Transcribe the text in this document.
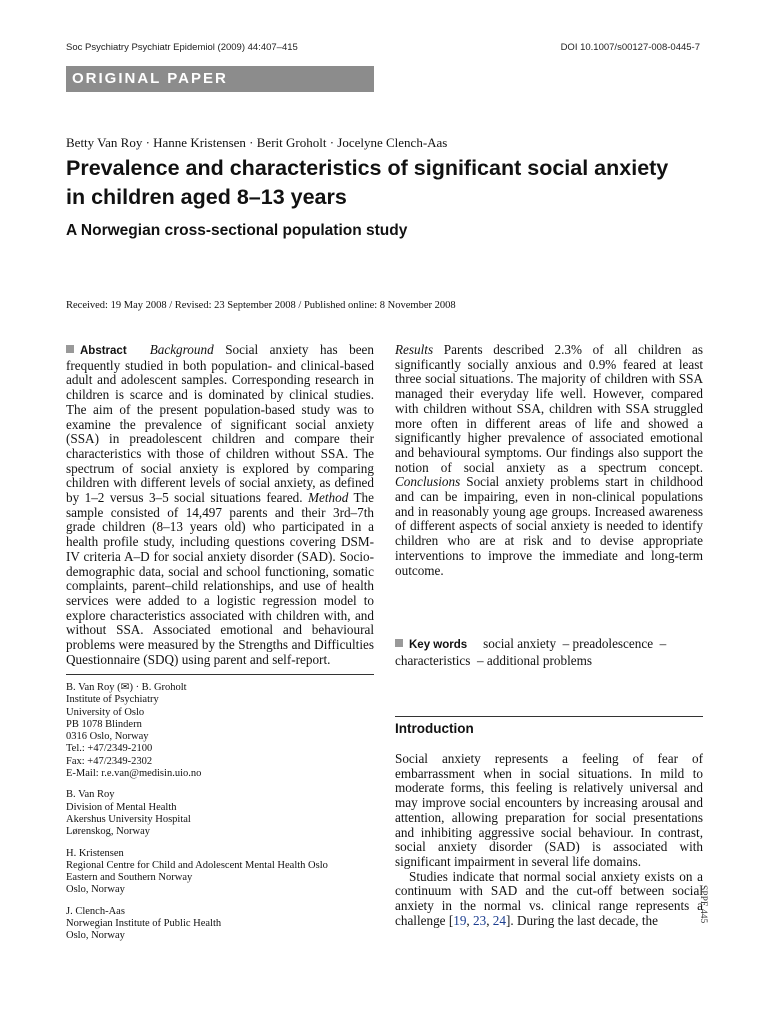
Soc Psychiatry Psychiatr Epidemiol (2009) 44:407–415	DOI 10.1007/s00127-008-0445-7
ORIGINAL PAPER
Betty Van Roy · Hanne Kristensen · Berit Groholt · Jocelyne Clench-Aas
Prevalence and characteristics of significant social anxiety
in children aged 8–13 years
A Norwegian cross-sectional population study
Received: 19 May 2008 / Revised: 23 September 2008 / Published online: 8 November 2008
Abstract Background Social anxiety has been frequently studied in both population- and clinical-based adult and adolescent samples. Corresponding research in children is scarce and is dominated by clinical studies. The aim of the present population-based study was to examine the prevalence of significant social anxiety (SSA) in preadolescent children and compare their characteristics with those of children without SSA. The spectrum of social anxiety is explored by comparing children with different levels of social anxiety, as defined by 1–2 versus 3–5 social situations feared. Method The sample consisted of 14,497 parents and their 3rd–7th grade children (8–13 years old) who participated in a health profile study, including questions covering DSM-IV criteria A–D for social anxiety disorder (SAD). Socio-demographic data, social and school functioning, somatic complaints, parent–child relationships, and use of health services were added to a logistic regression model to explore characteristics associated with children with, and without SSA. Associated emotional and behavioural problems were measured by the Strengths and Difficulties Questionnaire (SDQ) using parent and self-report.
Results Parents described 2.3% of all children as significantly socially anxious and 0.9% feared at least three social situations. The majority of children with SSA managed their everyday life well. However, compared with children without SSA, children with SSA struggled more often in different areas of life and showed a significantly higher prevalence of associated emotional and behavioural symptoms. Our findings also support the notion of social anxiety as a spectrum concept. Conclusions Social anxiety problems start in childhood and can be impairing, even in non-clinical populations and in reasonably young age groups. Increased awareness of different aspects of social anxiety is needed to identify children who are at risk and to devise appropriate interventions to improve the immediate and long-term outcome.
Key words social anxiety  – preadolescence  –
characteristics  – additional problems
B. Van Roy (✉) · B. Groholt
Institute of Psychiatry
University of Oslo
PB 1078 Blindern
0316 Oslo, Norway
Tel.: +47/2349-2100
Fax: +47/2349-2302
E-Mail: r.e.van@medisin.uio.no
B. Van Roy
Division of Mental Health
Akershus University Hospital
Lørenskog, Norway
H. Kristensen
Regional Centre for Child and Adolescent Mental Health Oslo
Eastern and Southern Norway
Oslo, Norway
J. Clench-Aas
Norwegian Institute of Public Health
Oslo, Norway
Introduction
Social anxiety represents a feeling of fear of embarrassment when in social situations. In mild to moderate forms, this feeling is relatively universal and may improve social encounters by increasing arousal and attention, allowing preparation for social presentations and inhibiting aggressive social behaviour. In contrast, social anxiety disorder (SAD) is associated with significant impairment in several life domains.
Studies indicate that normal social anxiety exists on a continuum with SAD and the cut-off between social anxiety in the normal vs. clinical range represents a challenge [19, 23, 24]. During the last decade, the	SPPE 445
